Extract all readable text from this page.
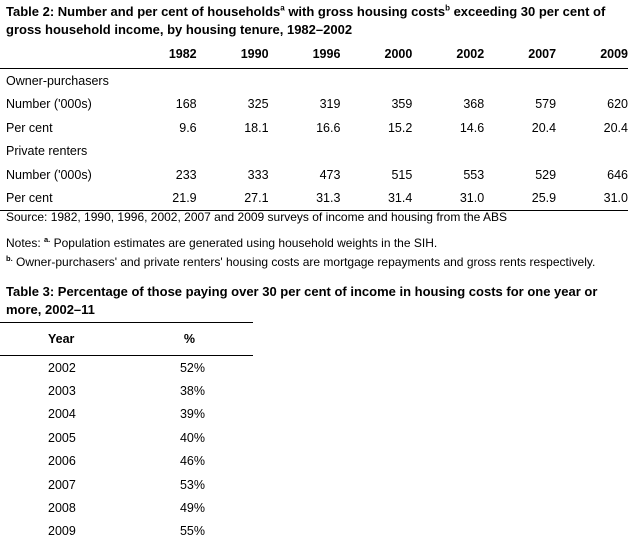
Table 2: Number and per cent of households$^a$ with gross housing costs$^b$ exceeding 30 per cent of gross household income, by housing tenure, 1982–2002
	1982	1990	1996	2000	2002	2007	2009
Owner-purchasers							
Number ('000s)	168	325	319	359	368	579	620
Per cent	9.6	18.1	16.6	15.2	14.6	20.4	20.4
Private renters							
Number ('000s)	233	333	473	515	553	529	646
Per cent	21.9	27.1	31.3	31.4	31.0	25.9	31.0
Source: 1982, 1990, 1996, 2002, 2007 and 2009 surveys of income and housing from the ABS
Notes: $^{a.}$ Population estimates are generated using household weights in the SIH.
$^{b.}$ Owner-purchasers' and private renters' housing costs are mortgage repayments and gross rents respectively.
Table 3: Percentage of those paying over 30 per cent of income in housing costs for one year or more, 2002–11
Year	%
2002	52%
2003	38%
2004	39%
2005	40%
2006	46%
2007	53%
2008	49%
2009	55%
